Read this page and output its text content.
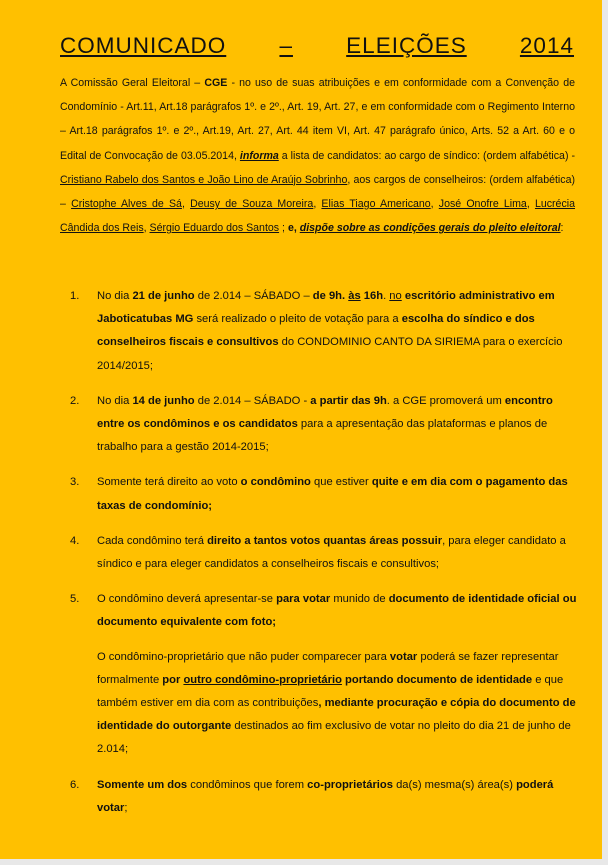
COMUNICADO – ELEIÇÕES 2014

A Comissão Geral Eleitoral – CGE - no uso de suas atribuições e em conformidade com a Convenção de Condomínio - Art.11, Art.18 parágrafos 1º. e 2º., Art. 19, Art. 27, e em conformidade com o Regimento Interno – Art.18 parágrafos 1º. e 2º., Art.19, Art. 27, Art. 44 item VI, Art. 47 parágrafo único, Arts. 52 a Art. 60 e o Edital de Convocação de 03.05.2014, informa a lista de candidatos: ao cargo de síndico: (ordem alfabética) - Cristiano Rabelo dos Santos e João Lino de Araújo Sobrinho, aos cargos de conselheiros: (ordem alfabética) – Cristophe Alves de Sá, Deusy de Souza Moreira, Elias Tiago Americano, José Onofre Lima, Lucrécia Cândida dos Reis, Sérgio Eduardo dos Santos ; e, dispõe sobre as condições gerais do pleito eleitoral:

1.	No dia 21 de junho de 2.014 – SÁBADO – de 9h. às 16h. no escritório administrativo em Jaboticatubas MG será realizado o pleito de votação para a escolha do síndico e dos conselheiros fiscais e consultivos do CONDOMINIO CANTO DA SIRIEMA para o exercício 2014/2015;

2.	No dia 14 de junho de 2.014 – SÁBADO - a partir das 9h. a CGE promoverá um encontro entre os condôminos e os candidatos para a apresentação das plataformas e planos de trabalho para a gestão 2014-2015;

3.	Somente terá direito ao voto o condômino que estiver quite e em dia com o pagamento das taxas de condomínio;

4.	Cada condômino terá direito a tantos votos quantas áreas possuir, para eleger candidato a síndico e para eleger candidatos a conselheiros fiscais e consultivos;

5.	O condômino deverá apresentar-se para votar munido de documento de identidade oficial ou documento equivalente com foto;

O condômino-proprietário que não puder comparecer para votar poderá se fazer representar formalmente por outro condômino-proprietário portando documento de identidade e que também estiver em dia com as contribuições, mediante procuração e cópia do documento de identidade do outorgante destinados ao fim exclusivo de votar no pleito do dia 21 de junho de 2.014;

6.	Somente um dos condôminos que forem co-proprietários da(s) mesma(s) área(s) poderá votar;
